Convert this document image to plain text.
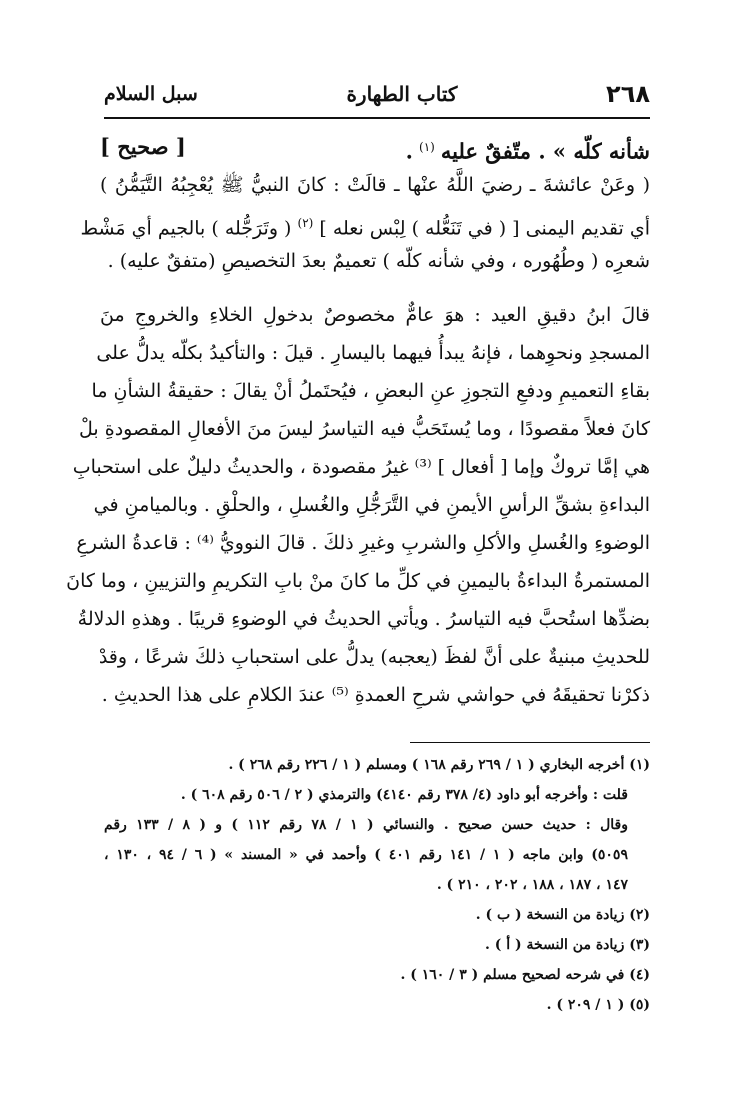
٢٦٨
كتاب الطهارة
سبل السلام
شأنه كلّه » . متّفقٌ عليه $^{(١)}$ .
[ صحيح ]
( وعَنْ عائشةَ ـ رضيَ اللَّهُ عنْها ـ قالَتْ : كانَ النبيُّ ﷺ يُعْجِبُهُ التَّيَمُّنُ )
أي تقديم اليمنى [ ( في تَنَعُّله ) لِبْس نعله ] $^{(٢)}$ ( وتَرَجُّله ) بالجيم أي مَشْط
شعرِه ( وطُهُوره ، وفي شأنه كلّه ) تعميمٌ بعدَ التخصيصِ (متفقٌ عليه) .
قالَ ابنُ دقيقِ العيد : هوَ عامٌّ مخصوصٌ بدخولِ الخلاءِ والخروجِ منَ
المسجدِ ونحوِهما ، فإنهُ يبدأُ فيهما باليسارِ . قيلَ : والتأكيدُ بكلّه يدلُّ على
بقاءِ التعميمِ ودفعِ التجوزِ عنِ البعضِ ، فيُحتَملُ أنْ يقالَ : حقيقةُ الشأنِ ما
كانَ فعلاً مقصودًا ، وما يُستَحَبُّ فيه التياسرُ ليسَ منَ الأفعالِ المقصودةِ بلْ
هي إمَّا تروكٌ وإما [ أفعال ] ⁽³⁾ غيرُ مقصودة ، والحديثُ دليلٌ على استحبابِ
البداءةِ بشقِّ الرأسِ الأيمنِ في التَّرَجُّلِ والغُسلِ ، والحلْقِ . وبالميامنِ في
الوضوءِ والغُسلِ والأكلِ والشربِ وغيرِ ذلكَ . قالَ النوويُّ ⁽⁴⁾ : قاعدةُ الشرعِ
المستمرةُ البداءةُ باليمينِ في كلِّ ما كانَ منْ بابِ التكريمِ والتزيينِ ، وما كانَ
بضدِّها استُحبَّ فيه التياسرُ . ويأتي الحديثُ في الوضوءِ قريبًا . وهذهِ الدلالةُ
للحديثِ مبنيةٌ على أنَّ لفظَ (يعجبه) يدلُّ على استحبابِ ذلكَ شرعًا ، وقدْ
ذكرْنا تحقيقَهُ في حواشي شرحِ العمدةِ ⁽⁵⁾ عندَ الكلامِ على هذا الحديثِ .
(١) أخرجه البخاري ( ١ / ٢٦٩ رقم ١٦٨ ) ومسلم ( ١ / ٢٢٦ رقم ٢٦٨ ) .
قلت : وأخرجه أبو داود (٤/ ٣٧٨ رقم ٤١٤٠) والترمذي ( ٢ / ٥٠٦ رقم ٦٠٨ ) .
وقال : حديث حسن صحيح . والنسائي ( ١ / ٧٨ رقم ١١٢ ) و ( ٨ / ١٣٣ رقم
٥٠٥٩) وابن ماجه ( ١ / ١٤١ رقم ٤٠١ ) وأحمد في « المسند » ( ٦ / ٩٤ ، ١٣٠ ،
١٤٧ ، ١٨٧ ، ١٨٨ ، ٢٠٢ ، ٢١٠ ) .
(٢) زيادة من النسخة ( ب ) .
(٣) زيادة من النسخة ( أ ) .
(٤) في شرحه لصحيح مسلم ( ٣ / ١٦٠ ) .
(٥) ( ١ / ٢٠٩ ) .
